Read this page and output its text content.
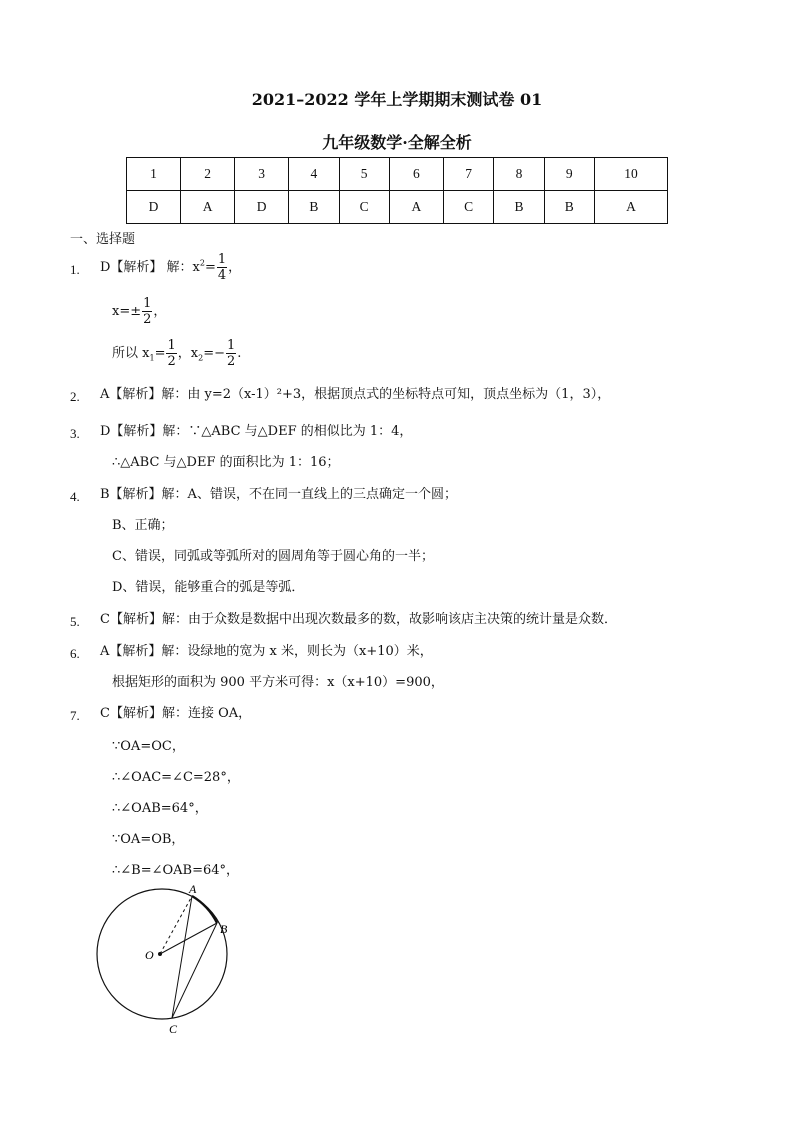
2021–2022 学年上学期期末测试卷 01
九年级数学·全解全析
1	2	3	4	5	6	7	8	9	10
D	A	D	B	C	A	C	B	B	A
一、选择题
1. D【解析】 解：$x^2= \frac{1}{4}$ ，
$x=\pm \frac{1}{2}$ ，
所以 $x_1= \frac{1}{2}$ ，$x_2=- \frac{1}{2}$ .
2. A【解析】解：由 y=2（x-1）²+3，根据顶点式的坐标特点可知，顶点坐标为（1，3），
3. D【解析】解：∵△ABC 与△DEF 的相似比为 1：4，
∴△ABC 与△DEF 的面积比为 1：16；
4. B【解析】解：A、错误，不在同一直线上的三点确定一个圆；
B、正确；
C、错误，同弧或等弧所对的圆周角等于圆心角的一半；
D、错误，能够重合的弧是等弧．
5. C【解析】解：由于众数是数据中出现次数最多的数，故影响该店主决策的统计量是众数．
6. A【解析】解：设绿地的宽为 x 米，则长为（x+10）米，
根据矩形的面积为 900 平方米可得：x（x+10）=900，
7. C【解析】解：连接 OA，
∵OA=OC，
∴∠OAC=∠C=28°，
∴∠OAB=64°，
∵OA=OB，
∴∠B=∠OAB=64°，
A
B
O
C
